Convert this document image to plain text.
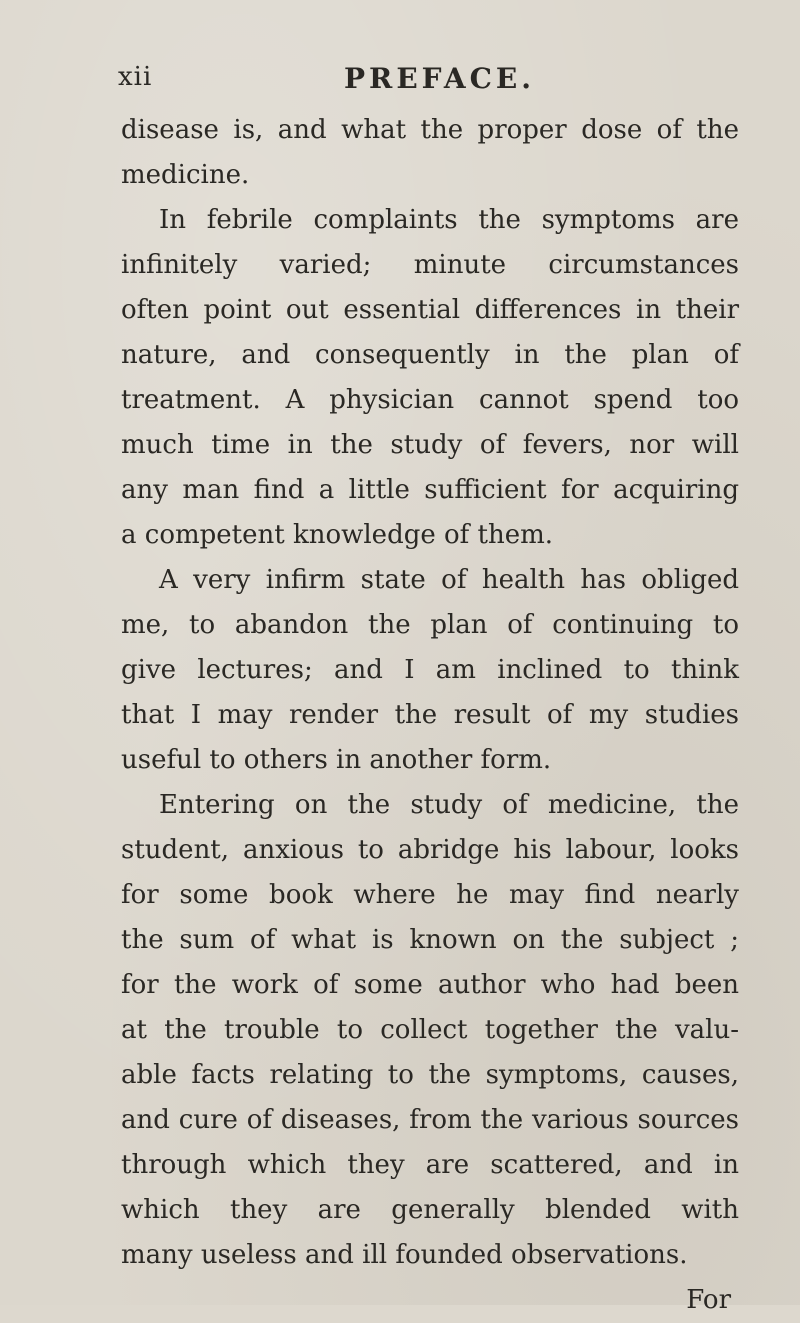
xii	PREFACE.
disease is, and what the proper dose of the
medicine.
In febrile complaints the symptoms are
infinitely varied; minute circumstances
often point out essential differences in their
nature, and consequently in the plan of
treatment. A physician cannot spend too
much time in the study of fevers, nor will
any man find a little sufficient for acquiring
a competent knowledge of them.
A very infirm state of health has obliged
me, to abandon the plan of continuing to
give lectures; and I am inclined to think
that I may render the result of my studies
useful to others in another form.
Entering on the study of medicine, the
student, anxious to abridge his labour, looks
for some book where he may find nearly
the sum of what is known on the subject ;
for the work of some author who had been
at the trouble to collect together the valu-
able facts relating to the symptoms, causes,
and cure of diseases, from the various sources
through which they are scattered, and in
which they are generally blended with
many useless and ill founded observations.
For
